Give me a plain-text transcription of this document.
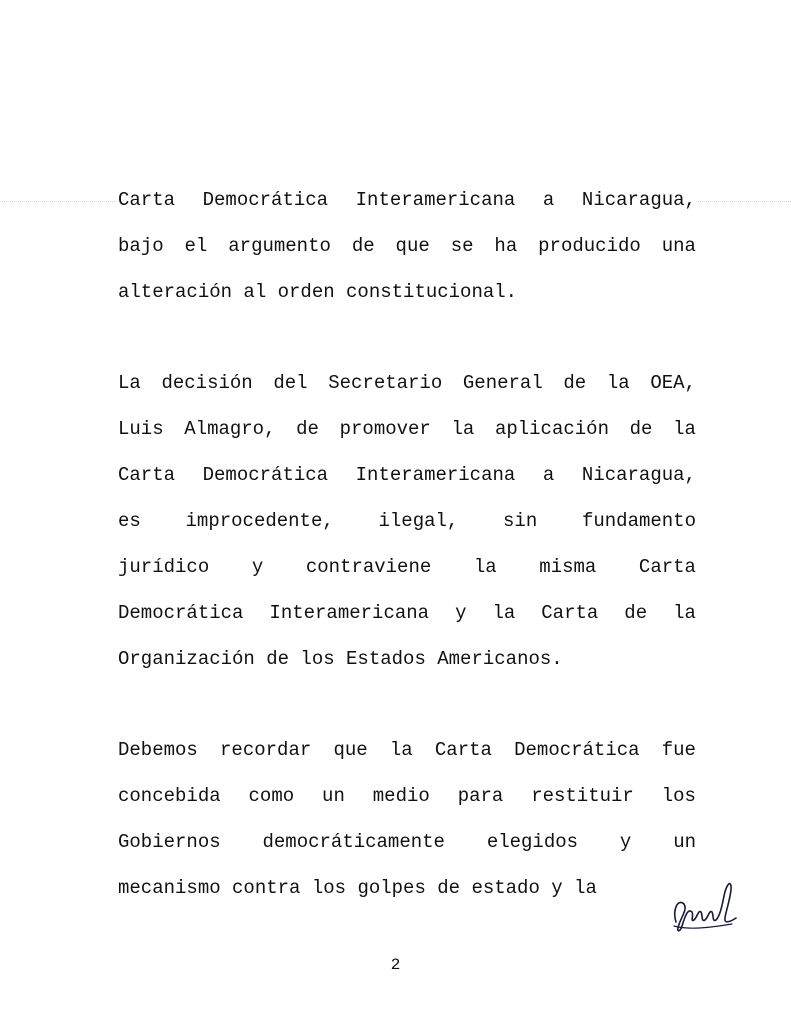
Carta Democrática Interamericana a Nicaragua,
bajo el argumento de que se ha producido una
alteración al orden constitucional.
La decisión del Secretario General de la OEA,
Luis Almagro, de promover la aplicación de la
Carta Democrática Interamericana a Nicaragua,
es improcedente, ilegal, sin fundamento
jurídico y contraviene la misma Carta
Democrática Interamericana y la Carta de la
Organización de los Estados Americanos.
Debemos recordar que la Carta Democrática fue
concebida como un medio para restituir los
Gobiernos democráticamente elegidos y un
mecanismo contra los golpes de estado y la
2
